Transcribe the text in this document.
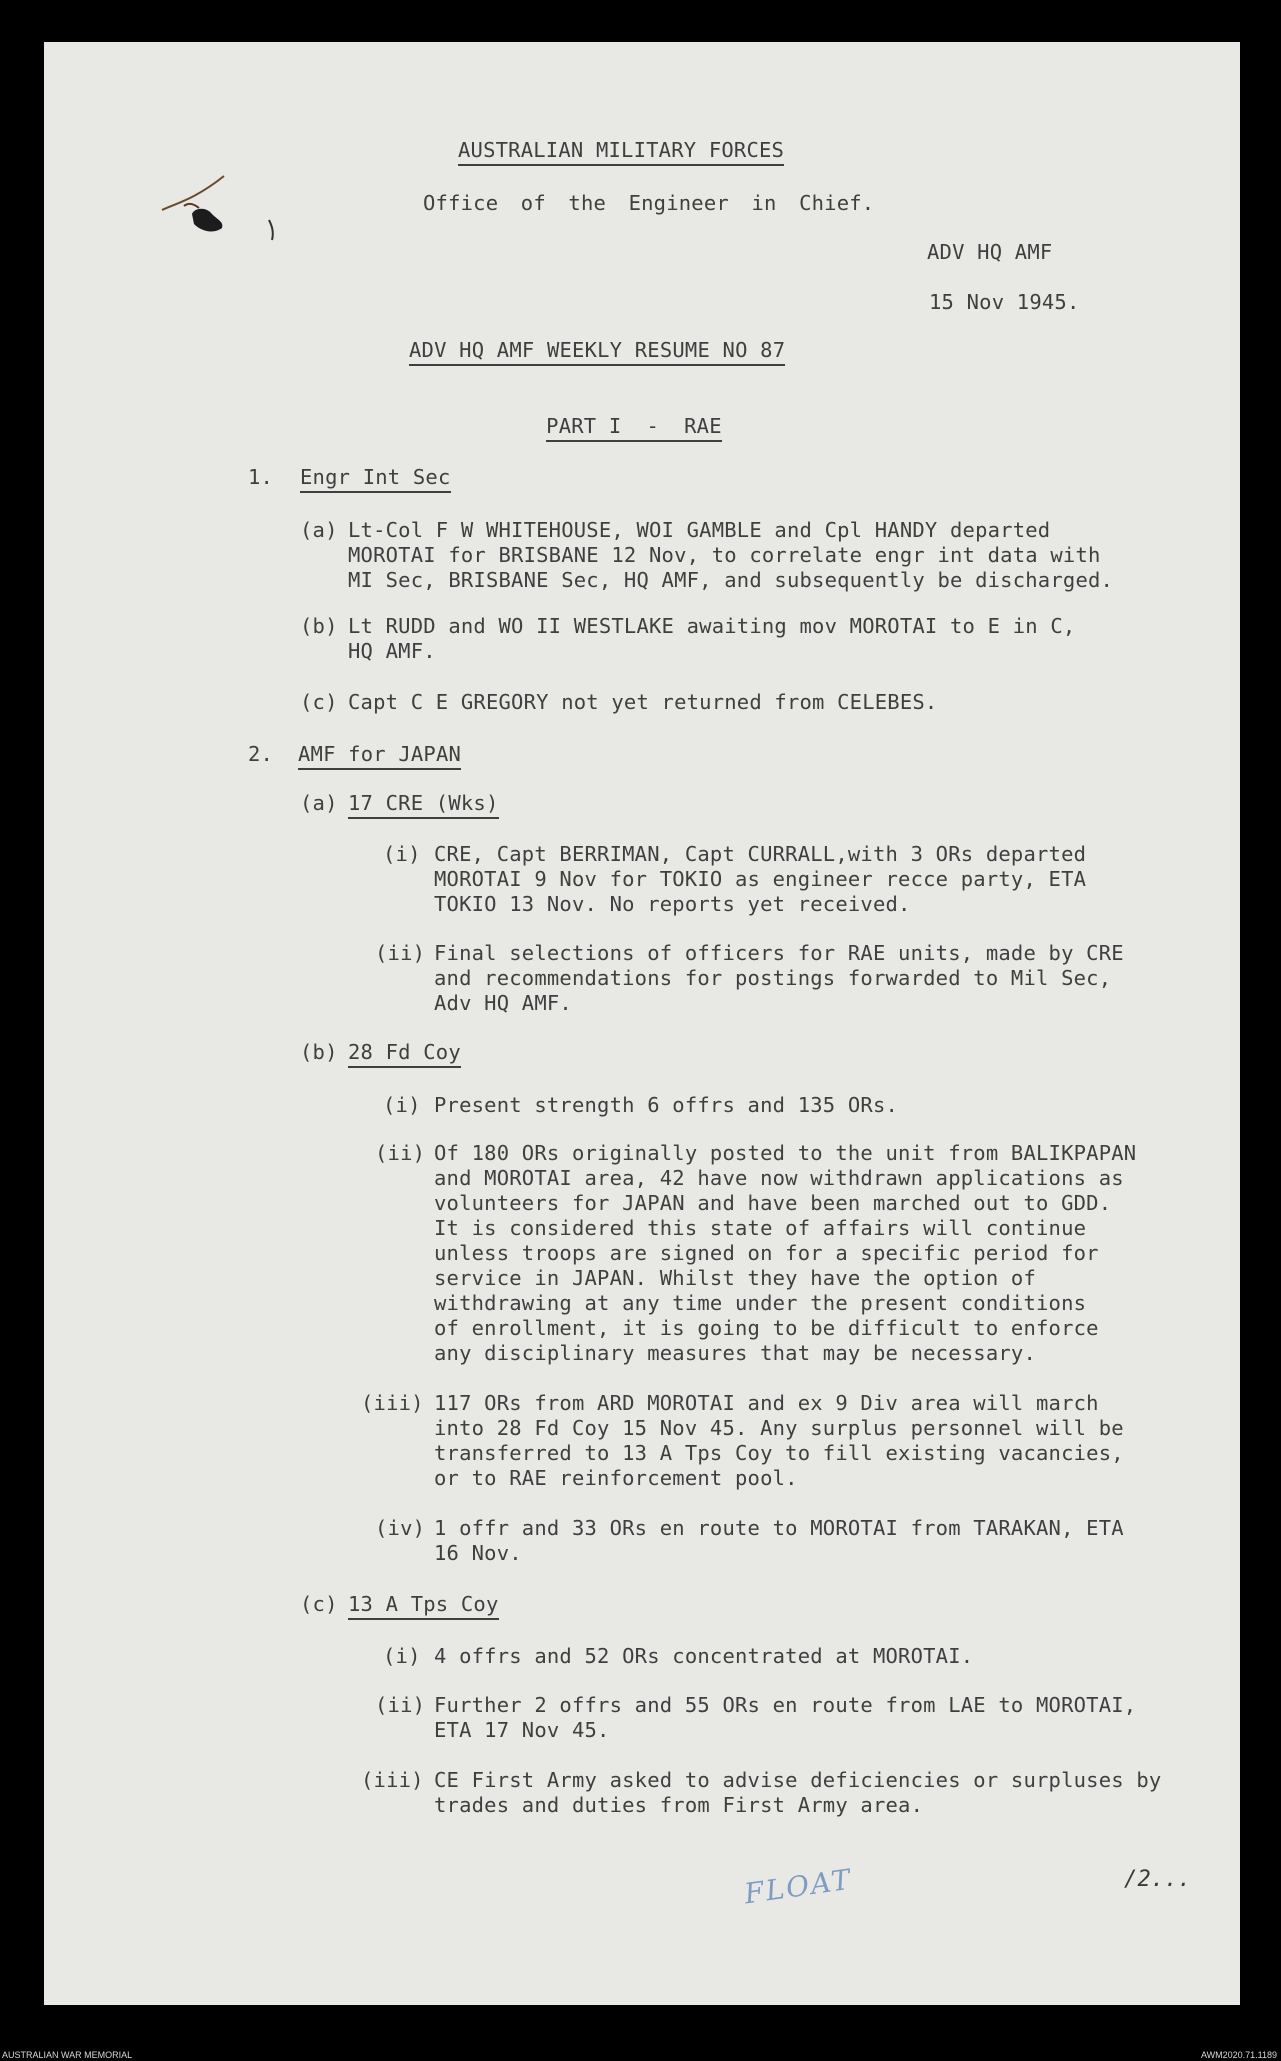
AUSTRALIAN MILITARY FORCES
Office of the Engineer in Chief.
ADV HQ AMF
15 Nov 1945.
ADV HQ AMF WEEKLY RESUME NO 87

PART I  -  RAE

1. Engr Int Sec
(a) Lt-Col F W WHITEHOUSE, WOI GAMBLE and Cpl HANDY departed
MOROTAI for BRISBANE 12 Nov, to correlate engr int data with
MI Sec, BRISBANE Sec, HQ AMF, and subsequently be discharged.
(b) Lt RUDD and WO II WESTLAKE awaiting mov MOROTAI to E in C,
HQ AMF.
(c) Capt C E GREGORY not yet returned from CELEBES.
2. AMF for JAPAN
(a) 17 CRE (Wks)
(i) CRE, Capt BERRIMAN, Capt CURRALL,with 3 ORs departed
MOROTAI 9 Nov for TOKIO as engineer recce party, ETA
TOKIO 13 Nov. No reports yet received.
(ii) Final selections of officers for RAE units, made by CRE
and recommendations for postings forwarded to Mil Sec,
Adv HQ AMF.
(b) 28 Fd Coy
(i) Present strength 6 offrs and 135 ORs.
(ii) Of 180 ORs originally posted to the unit from BALIKPAPAN
and MOROTAI area, 42 have now withdrawn applications as
volunteers for JAPAN and have been marched out to GDD.
It is considered this state of affairs will continue
unless troops are signed on for a specific period for
service in JAPAN. Whilst they have the option of
withdrawing at any time under the present conditions
of enrollment, it is going to be difficult to enforce
any disciplinary measures that may be necessary.
(iii) 117 ORs from ARD MOROTAI and ex 9 Div area will march
into 28 Fd Coy 15 Nov 45. Any surplus personnel will be
transferred to 13 A Tps Coy to fill existing vacancies,
or to RAE reinforcement pool.
(iv) 1 offr and 33 ORs en route to MOROTAI from TARAKAN, ETA
16 Nov.
(c) 13 A Tps Coy
(i) 4 offrs and 52 ORs concentrated at MOROTAI.
(ii) Further 2 offrs and 55 ORs en route from LAE to MOROTAI,
ETA 17 Nov 45.
(iii) CE First Army asked to advise deficiencies or surpluses by
trades and duties from First Army area.
/2...
FLOAT
AUSTRALIAN WAR MEMORIAL	AWM2020.71.1189
